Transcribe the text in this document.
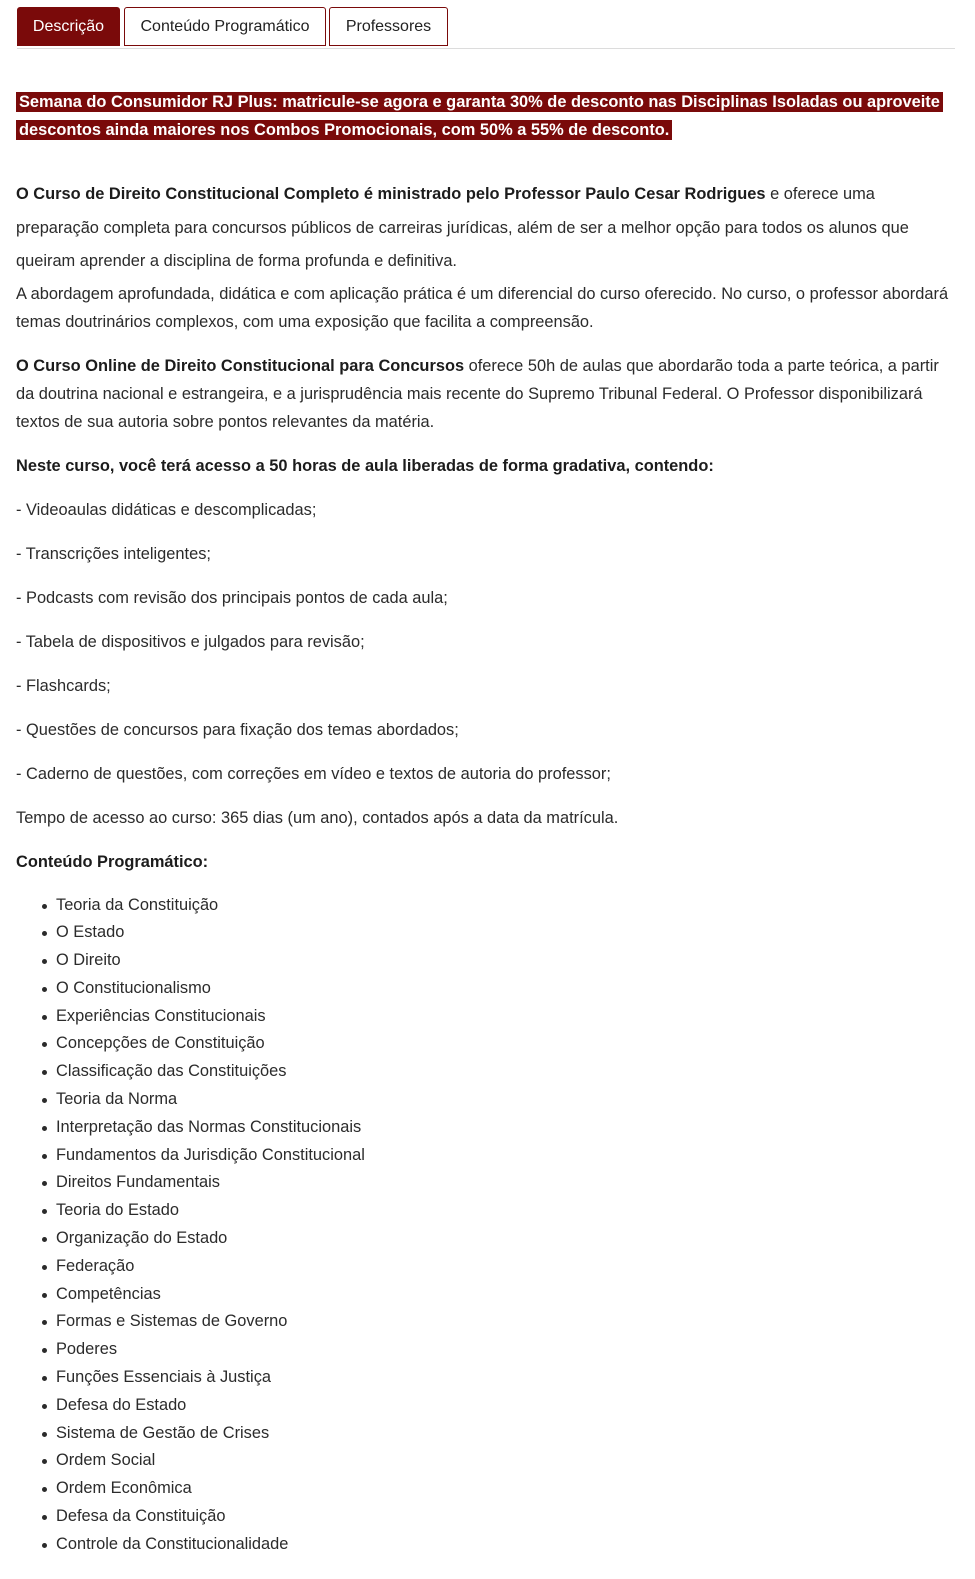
Descrição	Conteúdo Programático	Professores

Semana do Consumidor RJ Plus: matricule-se agora e garanta 30% de desconto nas Disciplinas Isoladas ou aproveite descontos ainda maiores nos Combos Promocionais, com 50% a 55% de desconto.

O Curso de Direito Constitucional Completo é ministrado pelo Professor Paulo Cesar Rodrigues e oferece uma preparação completa para concursos públicos de carreiras jurídicas, além de ser a melhor opção para todos os alunos que queiram aprender a disciplina de forma profunda e definitiva.

A abordagem aprofundada, didática e com aplicação prática é um diferencial do curso oferecido. No curso, o professor abordará temas doutrinários complexos, com uma exposição que facilita a compreensão.

O Curso Online de Direito Constitucional para Concursos oferece 50h de aulas que abordarão toda a parte teórica, a partir da doutrina nacional e estrangeira, e a jurisprudência mais recente do Supremo Tribunal Federal. O Professor disponibilizará textos de sua autoria sobre pontos relevantes da matéria.

Neste curso, você terá acesso a 50 horas de aula liberadas de forma gradativa, contendo:

- Videoaulas didáticas e descomplicadas;

- Transcrições inteligentes;

- Podcasts com revisão dos principais pontos de cada aula;

- Tabela de dispositivos e julgados para revisão;

- Flashcards;

- Questões de concursos para fixação dos temas abordados;

- Caderno de questões, com correções em vídeo e textos de autoria do professor;

Tempo de acesso ao curso: 365 dias (um ano), contados após a data da matrícula.

Conteúdo Programático:

Teoria da Constituição
O Estado
O Direito
O Constitucionalismo
Experiências Constitucionais
Concepções de Constituição
Classificação das Constituições
Teoria da Norma
Interpretação das Normas Constitucionais
Fundamentos da Jurisdição Constitucional
Direitos Fundamentais
Teoria do Estado
Organização do Estado
Federação
Competências
Formas e Sistemas de Governo
Poderes
Funções Essenciais à Justiça
Defesa do Estado
Sistema de Gestão de Crises
Ordem Social
Ordem Econômica
Defesa da Constituição
Controle da Constitucionalidade
